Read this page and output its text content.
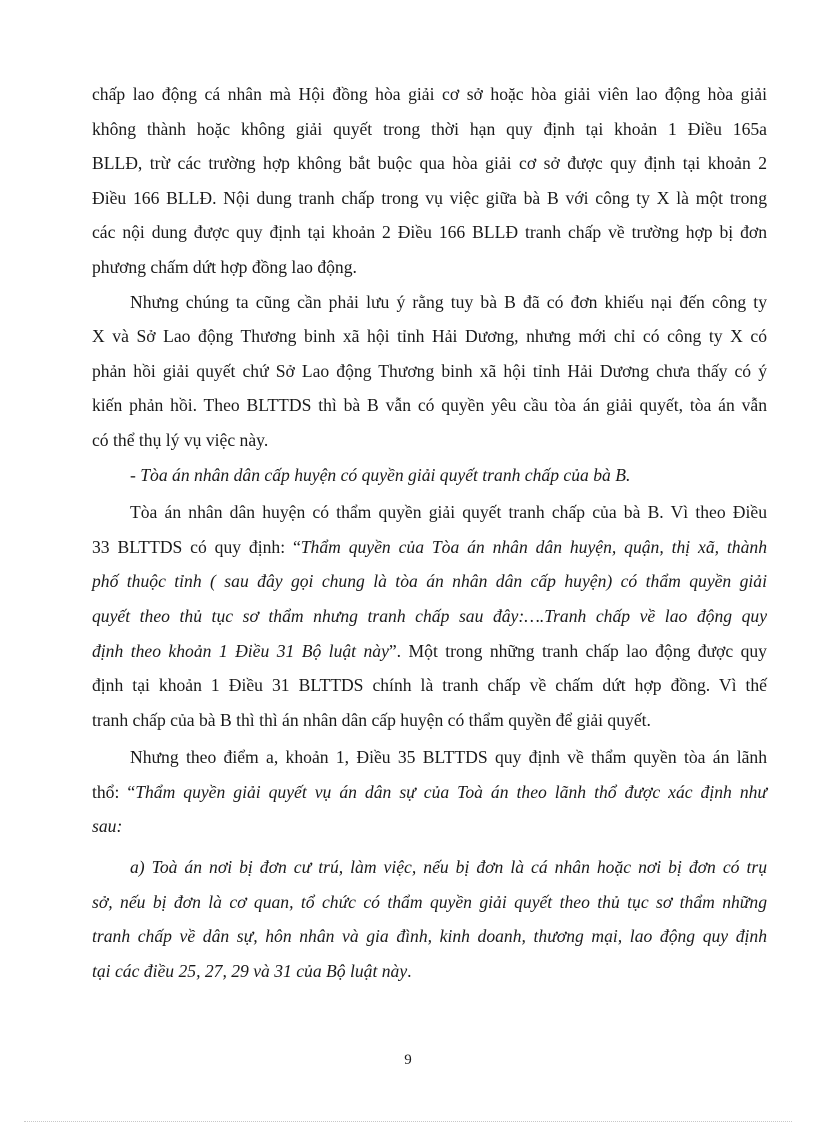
chấp lao động cá nhân mà Hội đồng hòa giải cơ sở hoặc hòa giải viên lao động hòa giải
không thành hoặc không giải quyết trong thời hạn quy định tại khoản 1 Điều 165a
BLLĐ, trừ các trường hợp không bắt buộc qua hòa giải cơ sở được quy định tại khoản 2
Điều 166 BLLĐ. Nội dung tranh chấp trong vụ việc giữa bà B với công ty X là một trong
các nội dung được quy định tại khoản 2 Điều 166 BLLĐ tranh chấp về trường hợp bị đơn
phương chấm dứt hợp đồng lao động.

Nhưng chúng ta cũng cần phải lưu ý rằng tuy bà B đã có đơn khiếu nại đến công ty
X và Sở Lao động Thương binh xã hội tỉnh Hải Dương, nhưng mới chỉ có công ty X có
phản hồi giải quyết chứ Sở Lao động Thương binh xã hội tỉnh Hải Dương chưa thấy có ý
kiến phản hồi. Theo BLTTDS thì bà B vẫn có quyền yêu cầu tòa án giải quyết, tòa án vẫn
có thể thụ lý vụ việc này.

- Tòa án nhân dân cấp huyện có quyền giải quyết tranh chấp của bà B.

Tòa án nhân dân huyện có thẩm quyền giải quyết tranh chấp của bà B. Vì theo Điều
33 BLTTDS có quy định: “Thẩm quyền của Tòa án nhân dân huyện, quận, thị xã, thành
phố thuộc tỉnh ( sau đây gọi chung là tòa án nhân dân cấp huyện) có thẩm quyền giải
quyết theo thủ tục sơ thẩm nhưng tranh chấp sau đây:….Tranh chấp về lao động quy
định theo khoản 1 Điều 31 Bộ luật này”. Một trong những tranh chấp lao động được quy
định tại khoản 1 Điều 31 BLTTDS chính là tranh chấp về chấm dứt hợp đồng. Vì thế
tranh chấp của bà B thì thì án nhân dân cấp huyện có thẩm quyền để giải quyết.

Nhưng theo điểm a, khoản 1, Điều 35 BLTTDS quy định về thẩm quyền tòa án lãnh
thổ: “Thẩm quyền giải quyết vụ án dân sự của Toà án theo lãnh thổ được xác định như
sau:

a) Toà án nơi bị đơn cư trú, làm việc, nếu bị đơn là cá nhân hoặc nơi bị đơn có trụ
sở, nếu bị đơn là cơ quan, tổ chức có thẩm quyền giải quyết theo thủ tục sơ thẩm những
tranh chấp về dân sự, hôn nhân và gia đình, kinh doanh, thương mại, lao động quy định
tại các điều 25, 27, 29 và 31 của Bộ luật này.

9
